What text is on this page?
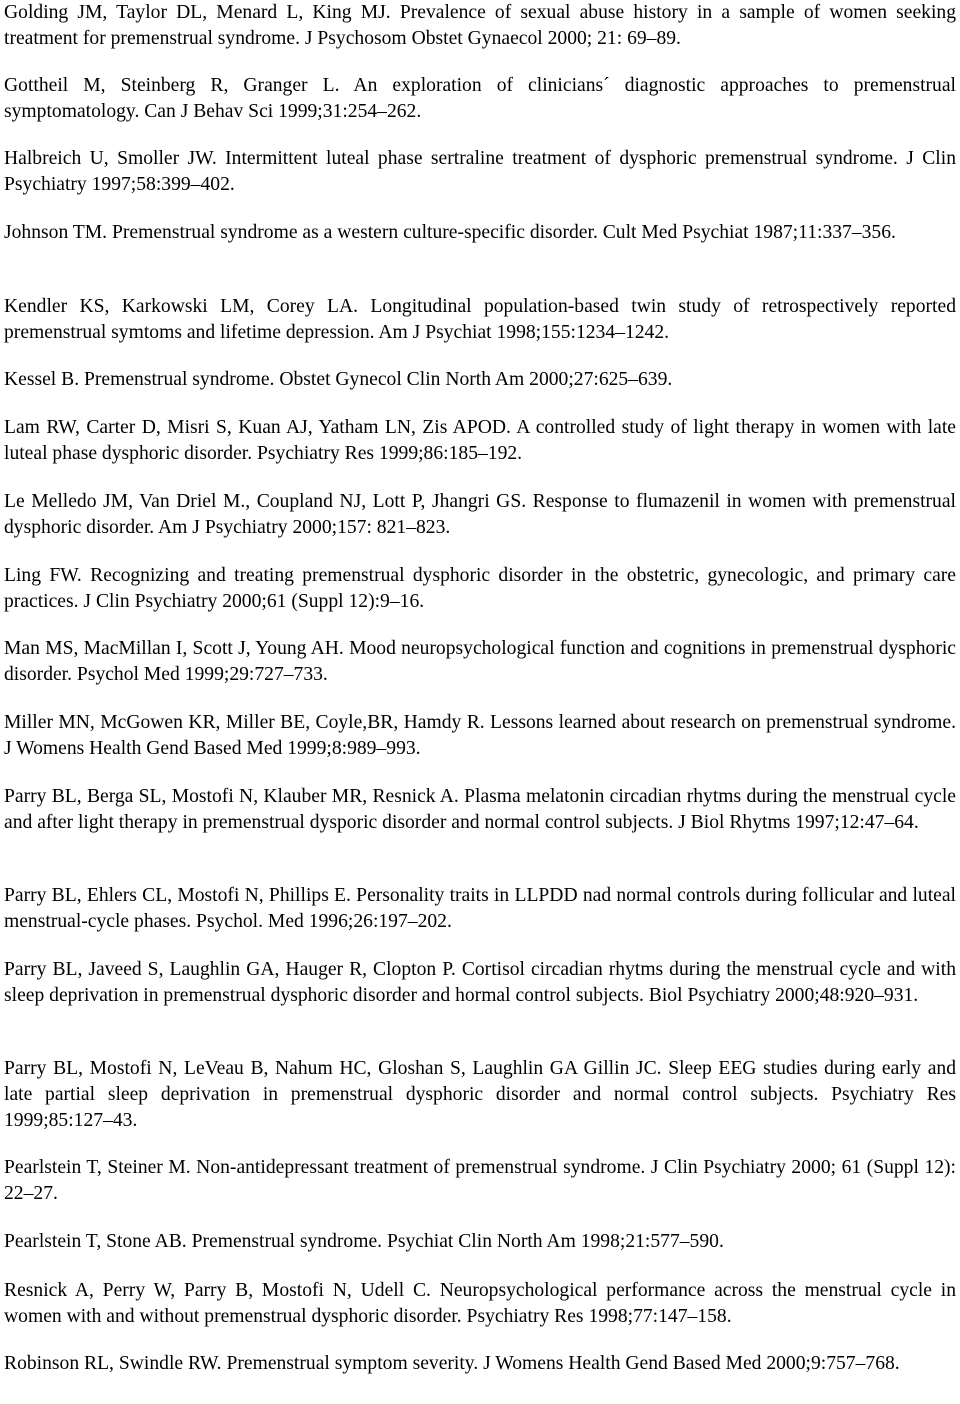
Golding JM, Taylor DL, Menard L, King MJ. Prevalence of sexual abuse history in a sample of women seeking treatment for premenstrual syndrome. J Psychosom Obstet Gynaecol 2000; 21: 69–89.

Gottheil M, Steinberg R, Granger L. An exploration of clinicians´ diagnostic approaches to premenstrual symptomatology. Can J Behav Sci 1999;31:254–262.

Halbreich U, Smoller JW. Intermittent luteal phase sertraline treatment of dysphoric premenstrual syndrome. J Clin Psychiatry 1997;58:399–402.

Johnson TM. Premenstrual syndrome as a western culture-specific disorder. Cult Med Psychiat 1987;11:337–356.

Kendler KS, Karkowski LM, Corey LA. Longitudinal population-based twin study of retrospectively reported premenstrual symtoms and lifetime depression. Am J Psychiat 1998;155:1234–1242.

Kessel B. Premenstrual syndrome. Obstet Gynecol Clin North Am 2000;27:625–639.

Lam RW, Carter D, Misri S, Kuan AJ, Yatham LN, Zis APOD. A controlled study of light therapy in women with late luteal phase dysphoric disorder. Psychiatry Res 1999;86:185–192.

Le Melledo JM, Van Driel M., Coupland NJ, Lott P, Jhangri GS. Response to flumazenil in women with premenstrual dysphoric disorder. Am J Psychiatry 2000;157: 821–823.

Ling FW. Recognizing and treating premenstrual dysphoric disorder in the obstetric, gynecologic, and primary care practices. J Clin Psychiatry 2000;61 (Suppl 12):9–16.

Man MS, MacMillan I, Scott J, Young AH. Mood neuropsychological function and cognitions in premenstrual dysphoric disorder. Psychol Med 1999;29:727–733.

Miller MN, McGowen KR, Miller BE, Coyle,BR, Hamdy R. Lessons learned about research on premenstrual syndrome. J Womens Health Gend Based Med 1999;8:989–993.

Parry BL, Berga SL, Mostofi N, Klauber MR, Resnick A. Plasma melatonin circadian rhytms during the menstrual cycle and after light therapy in premenstrual dysporic disorder and normal control subjects. J Biol Rhytms 1997;12:47–64.

Parry BL, Ehlers CL, Mostofi N, Phillips E. Personality traits in LLPDD nad normal controls during follicular and luteal menstrual-cycle phases. Psychol. Med 1996;26:197–202.

Parry BL, Javeed S, Laughlin GA, Hauger R, Clopton P. Cortisol circadian rhytms during the menstrual cycle and with sleep deprivation in premenstrual dysphoric disorder and hormal control subjects. Biol Psychiatry 2000;48:920–931.

Parry BL, Mostofi N, LeVeau B, Nahum HC, Gloshan S, Laughlin GA Gillin JC. Sleep EEG studies during early and late partial sleep deprivation in premenstrual dysphoric disorder and normal control subjects. Psychiatry Res 1999;85:127–43.

Pearlstein T, Steiner M. Non-antidepressant treatment of premenstrual syndrome. J Clin Psychiatry 2000; 61 (Suppl 12): 22–27.

Pearlstein T, Stone AB. Premenstrual syndrome. Psychiat Clin North Am 1998;21:577–590.

Resnick A, Perry W, Parry B, Mostofi N, Udell C. Neuropsychological performance across the menstrual cycle in women with and without premenstrual dysphoric disorder. Psychiatry Res 1998;77:147–158.

Robinson RL, Swindle RW. Premenstrual symptom severity. J Womens Health Gend Based Med 2000;9:757–768.
